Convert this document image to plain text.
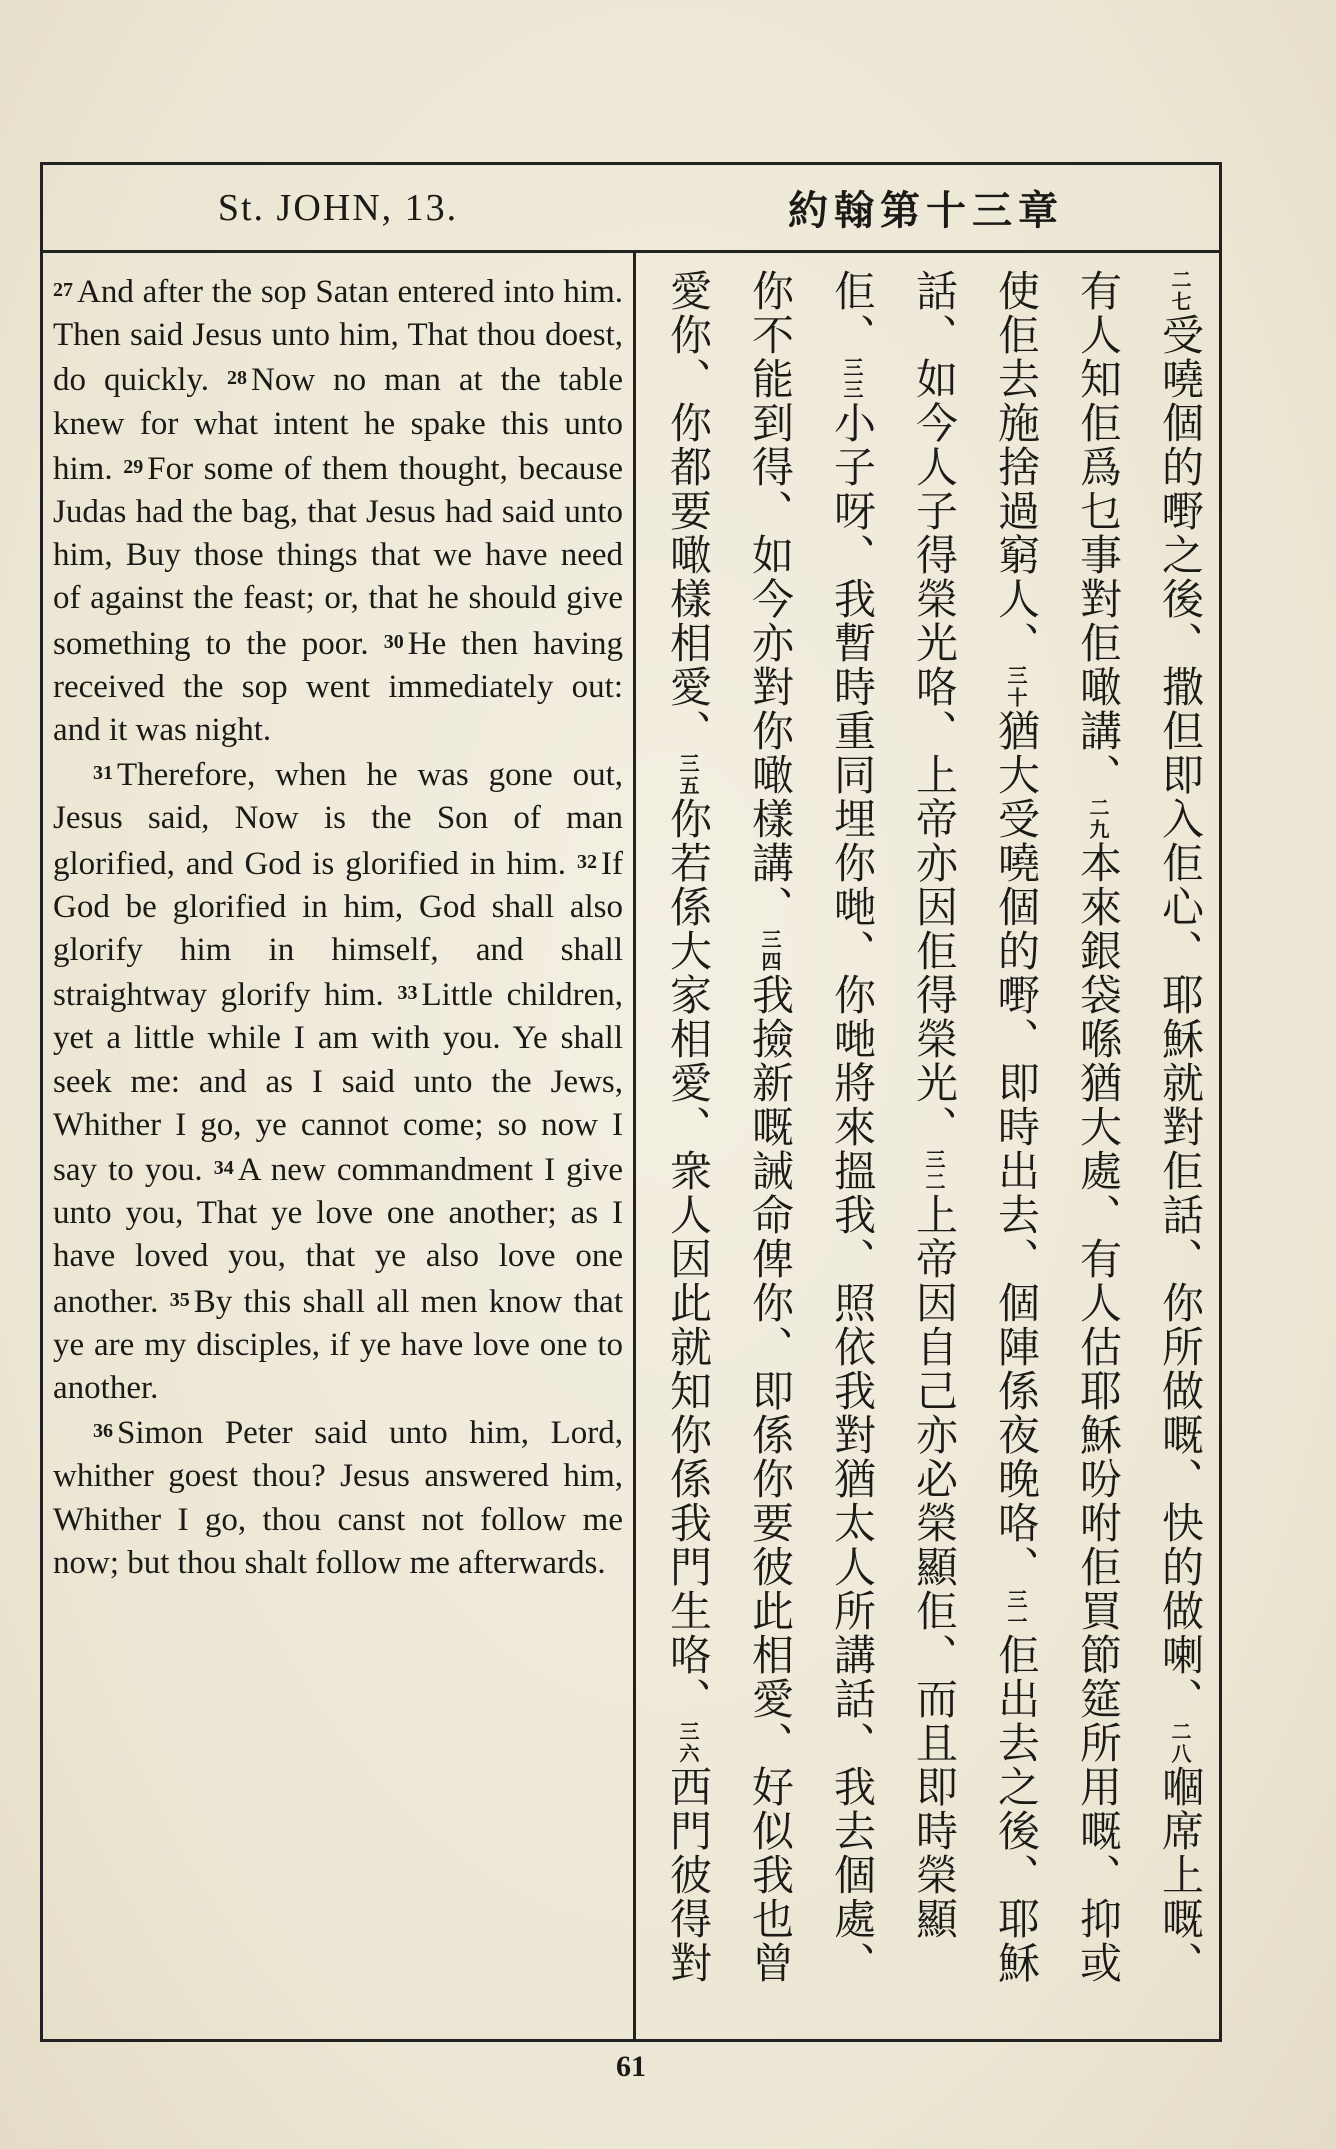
St. JOHN, 13.	約翰第十三章

27 And after the sop Satan entered into him. Then said Jesus unto him, That thou doest, do quickly. 28 Now no man at the table knew for what intent he spake this unto him. 29 For some of them thought, because Judas had the bag, that Jesus had said unto him, Buy those things that we have need of against the feast; or, that he should give something to the poor. 30 He then having received the sop went immediately out: and it was night.

31 Therefore, when he was gone out, Jesus said, Now is the Son of man glorified, and God is glorified in him. 32 If God be glorified in him, God shall also glorify him in himself, and shall straightway glorify him. 33 Little children, yet a little while I am with you. Ye shall seek me: and as I said unto the Jews, Whither I go, ye cannot come; so now I say to you. 34 A new commandment I give unto you, That ye love one another; as I have loved you, that ye also love one another. 35 By this shall all men know that ye are my disciples, if ye have love one to another.

36 Simon Peter said unto him, Lord, whither goest thou? Jesus answered him, Whither I go, thou canst not follow me now; but thou shalt follow me afterwards.

二七受嘵個的嘢之後、撒但即入佢心、耶穌就對佢話、你所做嘅、快的做喇、二八嗰席上嘅、有人知佢爲乜事對佢噉講、二九本來銀袋喺猶大處、有人估耶穌吩咐佢買節筵所用嘅、抑或使佢去施捨過窮人、三十猶大受嘵個的嘢、即時出去、個陣係夜晚咯、三一佢出去之後、耶穌話、如今人子得榮光咯、上帝亦因佢得榮光、三二上帝因自己亦必榮顯佢、而且即時榮顯佢、三三小子呀、我暫時重同埋你哋、你哋將來搵我、照依我對猶太人所講話、我去個處、你不能到得、如今亦對你噉樣講、三四我撿新嘅誡命俾你、即係你要彼此相愛、好似我也曾愛你、你都要噉樣相愛、三五你若係大家相愛、衆人因此就知你係我門生咯、三六西門彼得對
61
